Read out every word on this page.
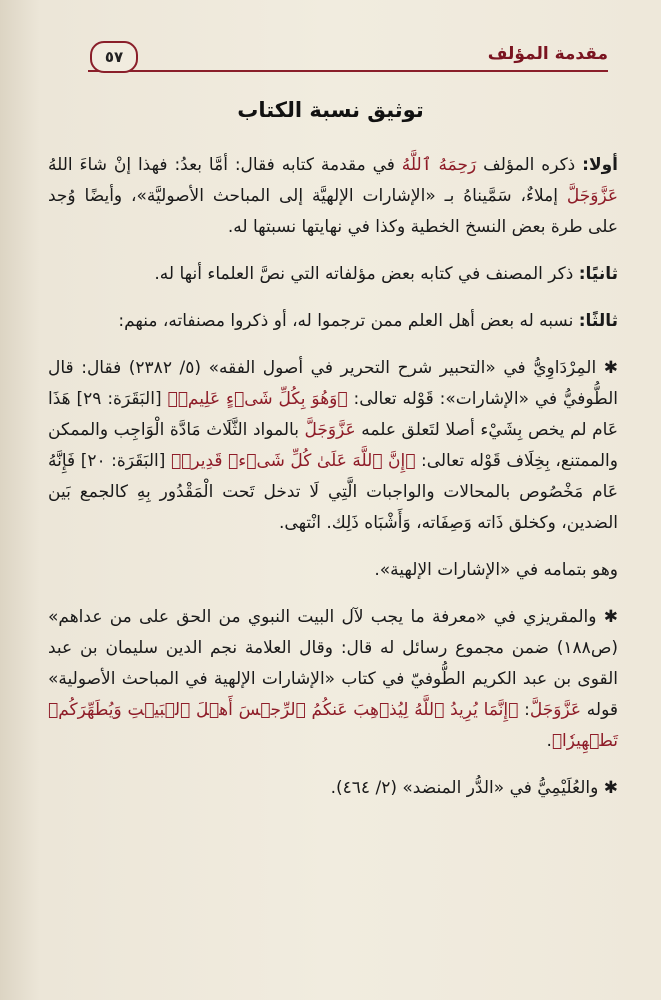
مقدمة المؤلف
٥٧
توثيق نسبة الكتاب

أولا: ذكره المؤلف رَحِمَهُ ٱللَّهُ في مقدمة كتابه فقال: أمَّا بعدُ: فهذا إنْ شاءَ اللهُ عَزَّوَجَلَّ إملاءٌ، سَمَّيناهُ بـ «الإشارات الإلهيَّة إلى المباحث الأصوليَّة»، وأيضًا وُجد على طرة بعض النسخ الخطية وكذا في نهايتها نسبتها له.

ثانيًا: ذكر المصنف في كتابه بعض مؤلفاته التي نصَّ العلماء أنها له.

ثالثًا: نسبه له بعض أهل العلم ممن ترجموا له، أو ذكروا مصنفاته، منهم:

✱ المِرْدَاوِيُّ في «التحبير شرح التحرير في أصول الفقه» (٥/ ٢٣٨٢) فقال: قال الطُّوفيُّ في «الإشارات»: قَوْله تعالى: ﴿وَهُوَ بِكُلِّ شَىۡءٍ عَلِيمٞ﴾ [البَقَرَة: ٢٩] هَذَا عَام لم يخص بِشَيْء أصلا لتَعلق علمه عَزَّوَجَلَّ بالمواد الثَّلَاث مَادَّة الْوَاجِب والممكن والممتنع، بِخِلَاف قَوْله تعالى: ﴿إِنَّ ٱللَّهَ عَلَىٰ كُلِّ شَىۡءٖ قَدِيرٞ﴾ [البَقَرَة: ٢٠] فَإِنَّهُ عَام مَخْصُوص بالمحالات والواجبات الَّتِي لَا تدخل تَحت الْمَقْدُور بِهِ كالجمع بَين الضدين، وكخلق ذَاته وَصِفَاته، وَأَشْبَاه ذَلِك. انْتهى.

وهو بتمامه في «الإشارات الإلهية».

✱ والمقريزي في «معرفة ما يجب لآل البيت النبوي من الحق على من عداهم» (ص١٨٨) ضمن مجموع رسائل له قال: وقال العلامة نجم الدين سليمان بن عبد القوى بن عبد الكريم الطُّوفيّ في كتاب «الإشارات الإلهية في المباحث الأصولية» قوله عَزَّوَجَلَّ: ﴿إِنَّمَا يُرِيدُ ٱللَّهُ لِيُذۡهِبَ عَنكُمُ ٱلرِّجۡسَ أَهۡلَ ٱلۡبَيۡتِ وَيُطَهِّرَكُمۡ تَطۡهِيرٗا﴾.

✱ والعُلَيْمِيُّ في «الدُّر المنضد» (٢/ ٤٦٤).
